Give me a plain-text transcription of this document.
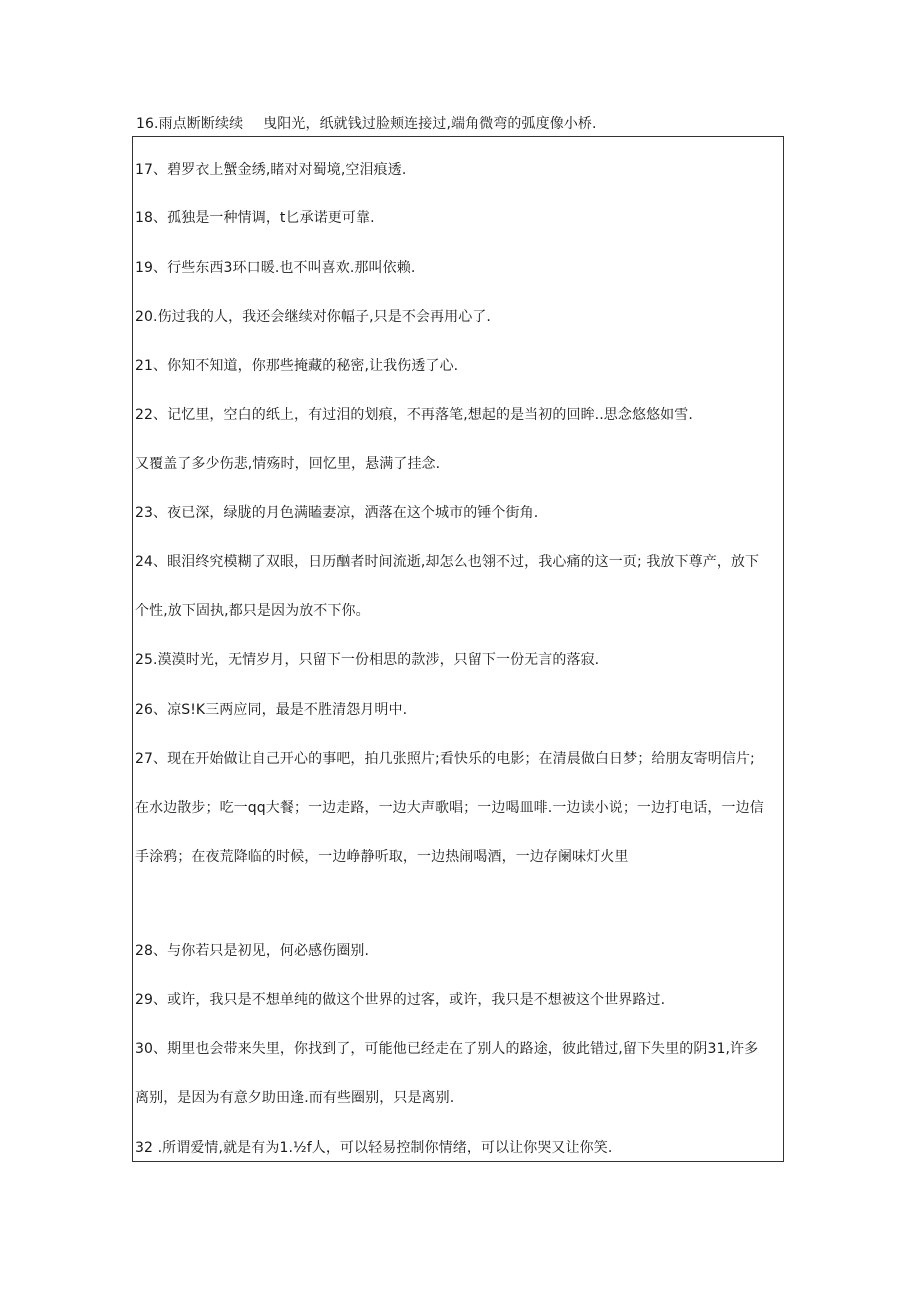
16.雨点断断续续 曳阳光，纸就钱过脸颊连接过,端角微弯的弧度像小桥.
17、碧罗衣上蟹金绣,睹对对蜀境,空泪痕透.
18、孤独是一种情调，t匕承诺更可靠.
19、行些东西3环口暖.也不叫喜欢.那叫依赖.
20.伤过我的人，我还会继续对你幅子,只是不会再用心了.
21、你知不知道，你那些掩藏的秘密,让我伤透了心.
22、记忆里，空白的纸上，有过泪的划痕，不再落笔,想起的是当初的回眸..思念悠悠如雪.
又覆盖了多少伤悲,情殇时，回忆里，悬满了挂念.
23、夜已深，绿胧的月色满瞌妻凉，洒落在这个城市的锤个街角.
24、眼泪终究模糊了双眼，日历酗者时间流逝,却怎么也翎不过，我心痛的这一页; 我放下尊产，放下
个性,放下固执,都只是因为放不下你。
25.漠漠时光，无情岁月，只留下一份相思的款涉，只留下一份无言的落寂.
26、凉S!K三两应同，最是不胜清怨月明中.
27、现在开始做让自己开心的事吧，拍几张照片;看快乐的电影；在清晨做白日梦；给朋友寄明信片;
在水边散步；吃一qq大餐；一边走路，一边大声歌唱；一边喝皿啡.一边读小说；一边打电话，一边信
手涂鸦；在夜荒降临的时候，一边峥静听取，一边热闹喝酒，一边存阑味灯火里
28、与你若只是初见，何必感伤圈别.
29、或许，我只是不想单纯的做这个世界的过客，或许，我只是不想被这个世界路过.
30、期里也会带来失里，你找到了，可能他已经走在了别人的路途，彼此错过,留下失里的阴31,许多
离别，是因为有意夕助田逢.而有些圈别，只是离别.
32 .所谓爱情,就是有为1.½f人，可以轻易控制你情绪，可以让你哭又让你笑.
